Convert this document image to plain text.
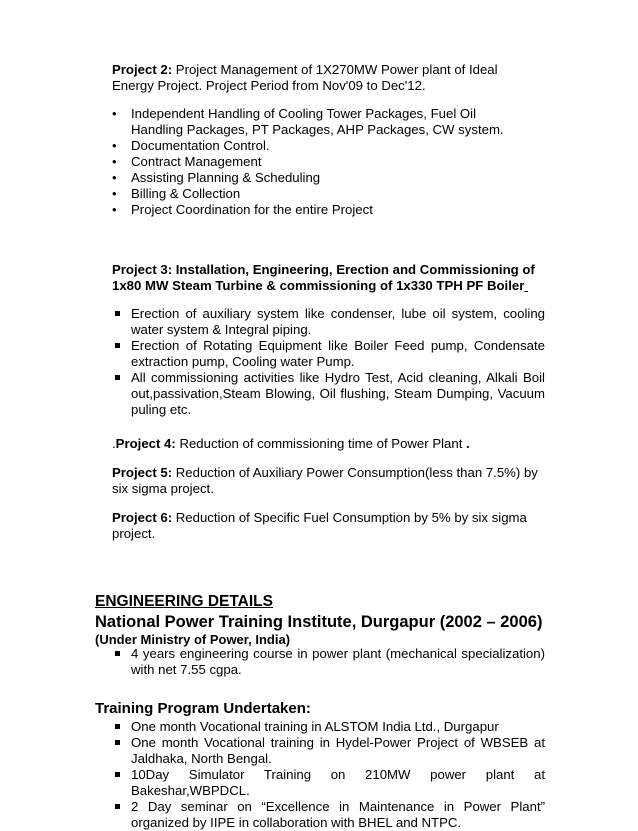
Project 2: Project Management of 1X270MW Power plant of Ideal Energy Project. Project Period from Nov'09 to Dec'12.

• Independent Handling of Cooling Tower Packages, Fuel Oil Handling Packages, PT Packages, AHP Packages, CW system.
• Documentation Control.
• Contract Management
• Assisting Planning & Scheduling
• Billing & Collection
• Project Coordination for the entire Project

Project 3: Installation, Engineering, Erection and Commissioning of

1x80 MW Steam Turbine & commissioning of 1x330 TPH PF Boiler

Erection of auxiliary system like condenser, lube oil system, cooling water system & Integral piping.
Erection of Rotating Equipment like Boiler Feed pump, Condensate extraction pump, Cooling water Pump.
All commissioning activities like Hydro Test, Acid cleaning, Alkali Boil out,passivation,Steam Blowing, Oil flushing, Steam Dumping, Vacuum puling etc.

.Project 4: Reduction of commissioning time of Power Plant .

Project 5: Reduction of Auxiliary Power Consumption(less than 7.5%) by six sigma project.

Project 6: Reduction of Specific Fuel Consumption by 5% by six sigma project.

ENGINEERING DETAILS
National Power Training Institute, Durgapur (2002 – 2006)
(Under Ministry of Power, India)
4 years engineering course in power plant (mechanical specialization) with net 7.55 cgpa.
Training Program Undertaken:
One month Vocational training in ALSTOM India Ltd., Durgapur
One month Vocational training in Hydel-Power Project of WBSEB at Jaldhaka, North Bengal.
10Day Simulator Training on 210MW power plant at Bakeshar,WBPDCL.
2 Day seminar on “Excellence in Maintenance in Power Plant” organized by IIPE in collaboration with BHEL and NTPC.
